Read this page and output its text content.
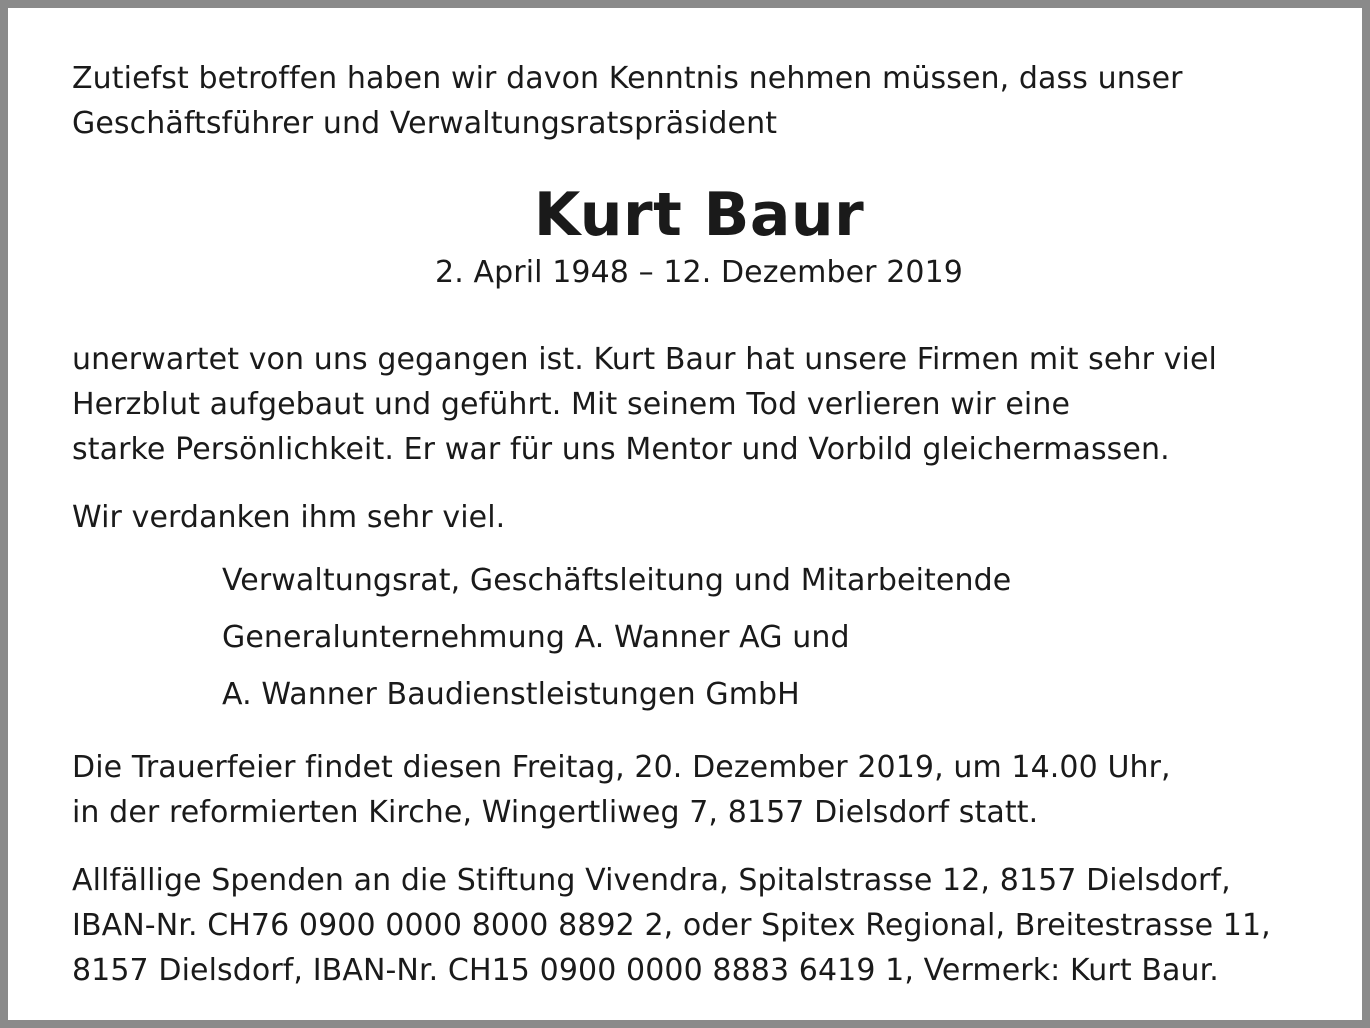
Zutiefst betroffen haben wir davon Kenntnis nehmen müssen, dass unser
Geschäftsführer und Verwaltungsratspräsident

Kurt Baur

2. April 1948 – 12. Dezember 2019

unerwartet von uns gegangen ist. Kurt Baur hat unsere Firmen mit sehr viel
Herzblut aufgebaut und geführt. Mit seinem Tod verlieren wir eine
starke Persönlichkeit. Er war für uns Mentor und Vorbild gleichermassen.

Wir verdanken ihm sehr viel.

Verwaltungsrat, Geschäftsleitung und Mitarbeitende

Generalunternehmung A. Wanner AG und

A. Wanner Baudienstleistungen GmbH

Die Trauerfeier findet diesen Freitag, 20. Dezember 2019, um 14.00 Uhr,
in der reformierten Kirche, Wingertliweg 7, 8157 Dielsdorf statt.

Allfällige Spenden an die Stiftung Vivendra, Spitalstrasse 12, 8157 Dielsdorf,
IBAN-Nr. CH76 0900 0000 8000 8892 2, oder Spitex Regional, Breitestrasse 11,
8157 Dielsdorf, IBAN-Nr. CH15 0900 0000 8883 6419 1, Vermerk: Kurt Baur.
